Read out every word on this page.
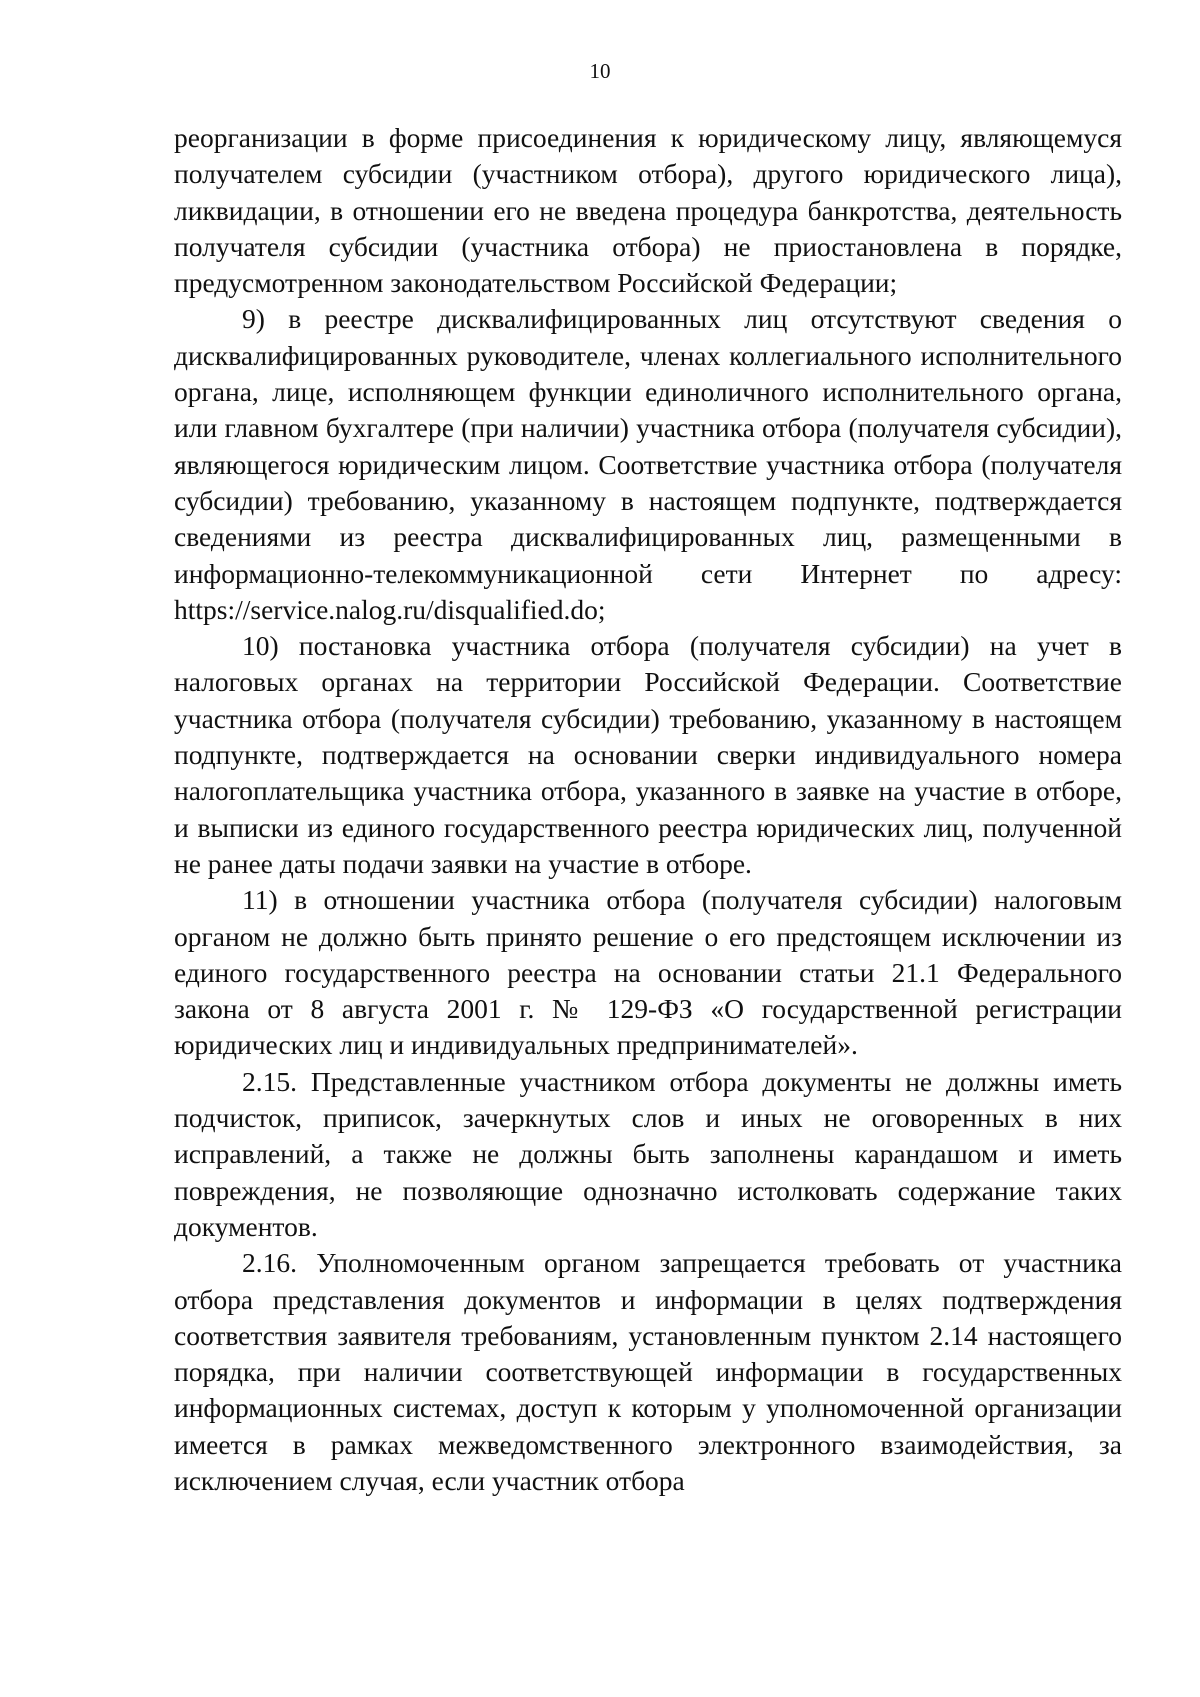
10

реорганизации в форме присоединения к юридическому лицу, являющемуся получателем субсидии (участником отбора), другого юридического лица), ликвидации, в отношении его не введена процедура банкротства, деятельность получателя субсидии (участника отбора) не приостановлена в порядке, предусмотренном законодательством Российской Федерации;

9) в реестре дисквалифицированных лиц отсутствуют сведения о дисквалифицированных руководителе, членах коллегиального исполнительного органа, лице, исполняющем функции единоличного исполнительного органа, или главном бухгалтере (при наличии) участника отбора (получателя субсидии), являющегося юридическим лицом. Соответствие участника отбора (получателя субсидии) требованию, указанному в настоящем подпункте, подтверждается сведениями из реестра дисквалифицированных лиц, размещенными в информационно-телекоммуникационной сети Интернет по адресу: https://service.nalog.ru/disqualified.do;

10) постановка участника отбора (получателя субсидии) на учет в налоговых органах на территории Российской Федерации. Соответствие участника отбора (получателя субсидии) требованию, указанному в настоящем подпункте, подтверждается на основании сверки индивидуального номера налогоплательщика участника отбора, указанного в заявке на участие в отборе, и выписки из единого государственного реестра юридических лиц, полученной не ранее даты подачи заявки на участие в отборе.

11) в отношении участника отбора (получателя субсидии) налоговым органом не должно быть принято решение о его предстоящем исключении из единого государственного реестра на основании статьи 21.1 Федерального закона от 8 августа 2001 г. № 129-ФЗ «О государственной регистрации юридических лиц и индивидуальных предпринимателей».

2.15. Представленные участником отбора документы не должны иметь подчисток, приписок, зачеркнутых слов и иных не оговоренных в них исправлений, а также не должны быть заполнены карандашом и иметь повреждения, не позволяющие однозначно истолковать содержание таких документов.

2.16. Уполномоченным органом запрещается требовать от участника отбора представления документов и информации в целях подтверждения соответствия заявителя требованиям, установленным пунктом 2.14 настоящего порядка, при наличии соответствующей информации в государственных информационных системах, доступ к которым у уполномоченной организации имеется в рамках межведомственного электронного взаимодействия, за исключением случая, если участник отбора
